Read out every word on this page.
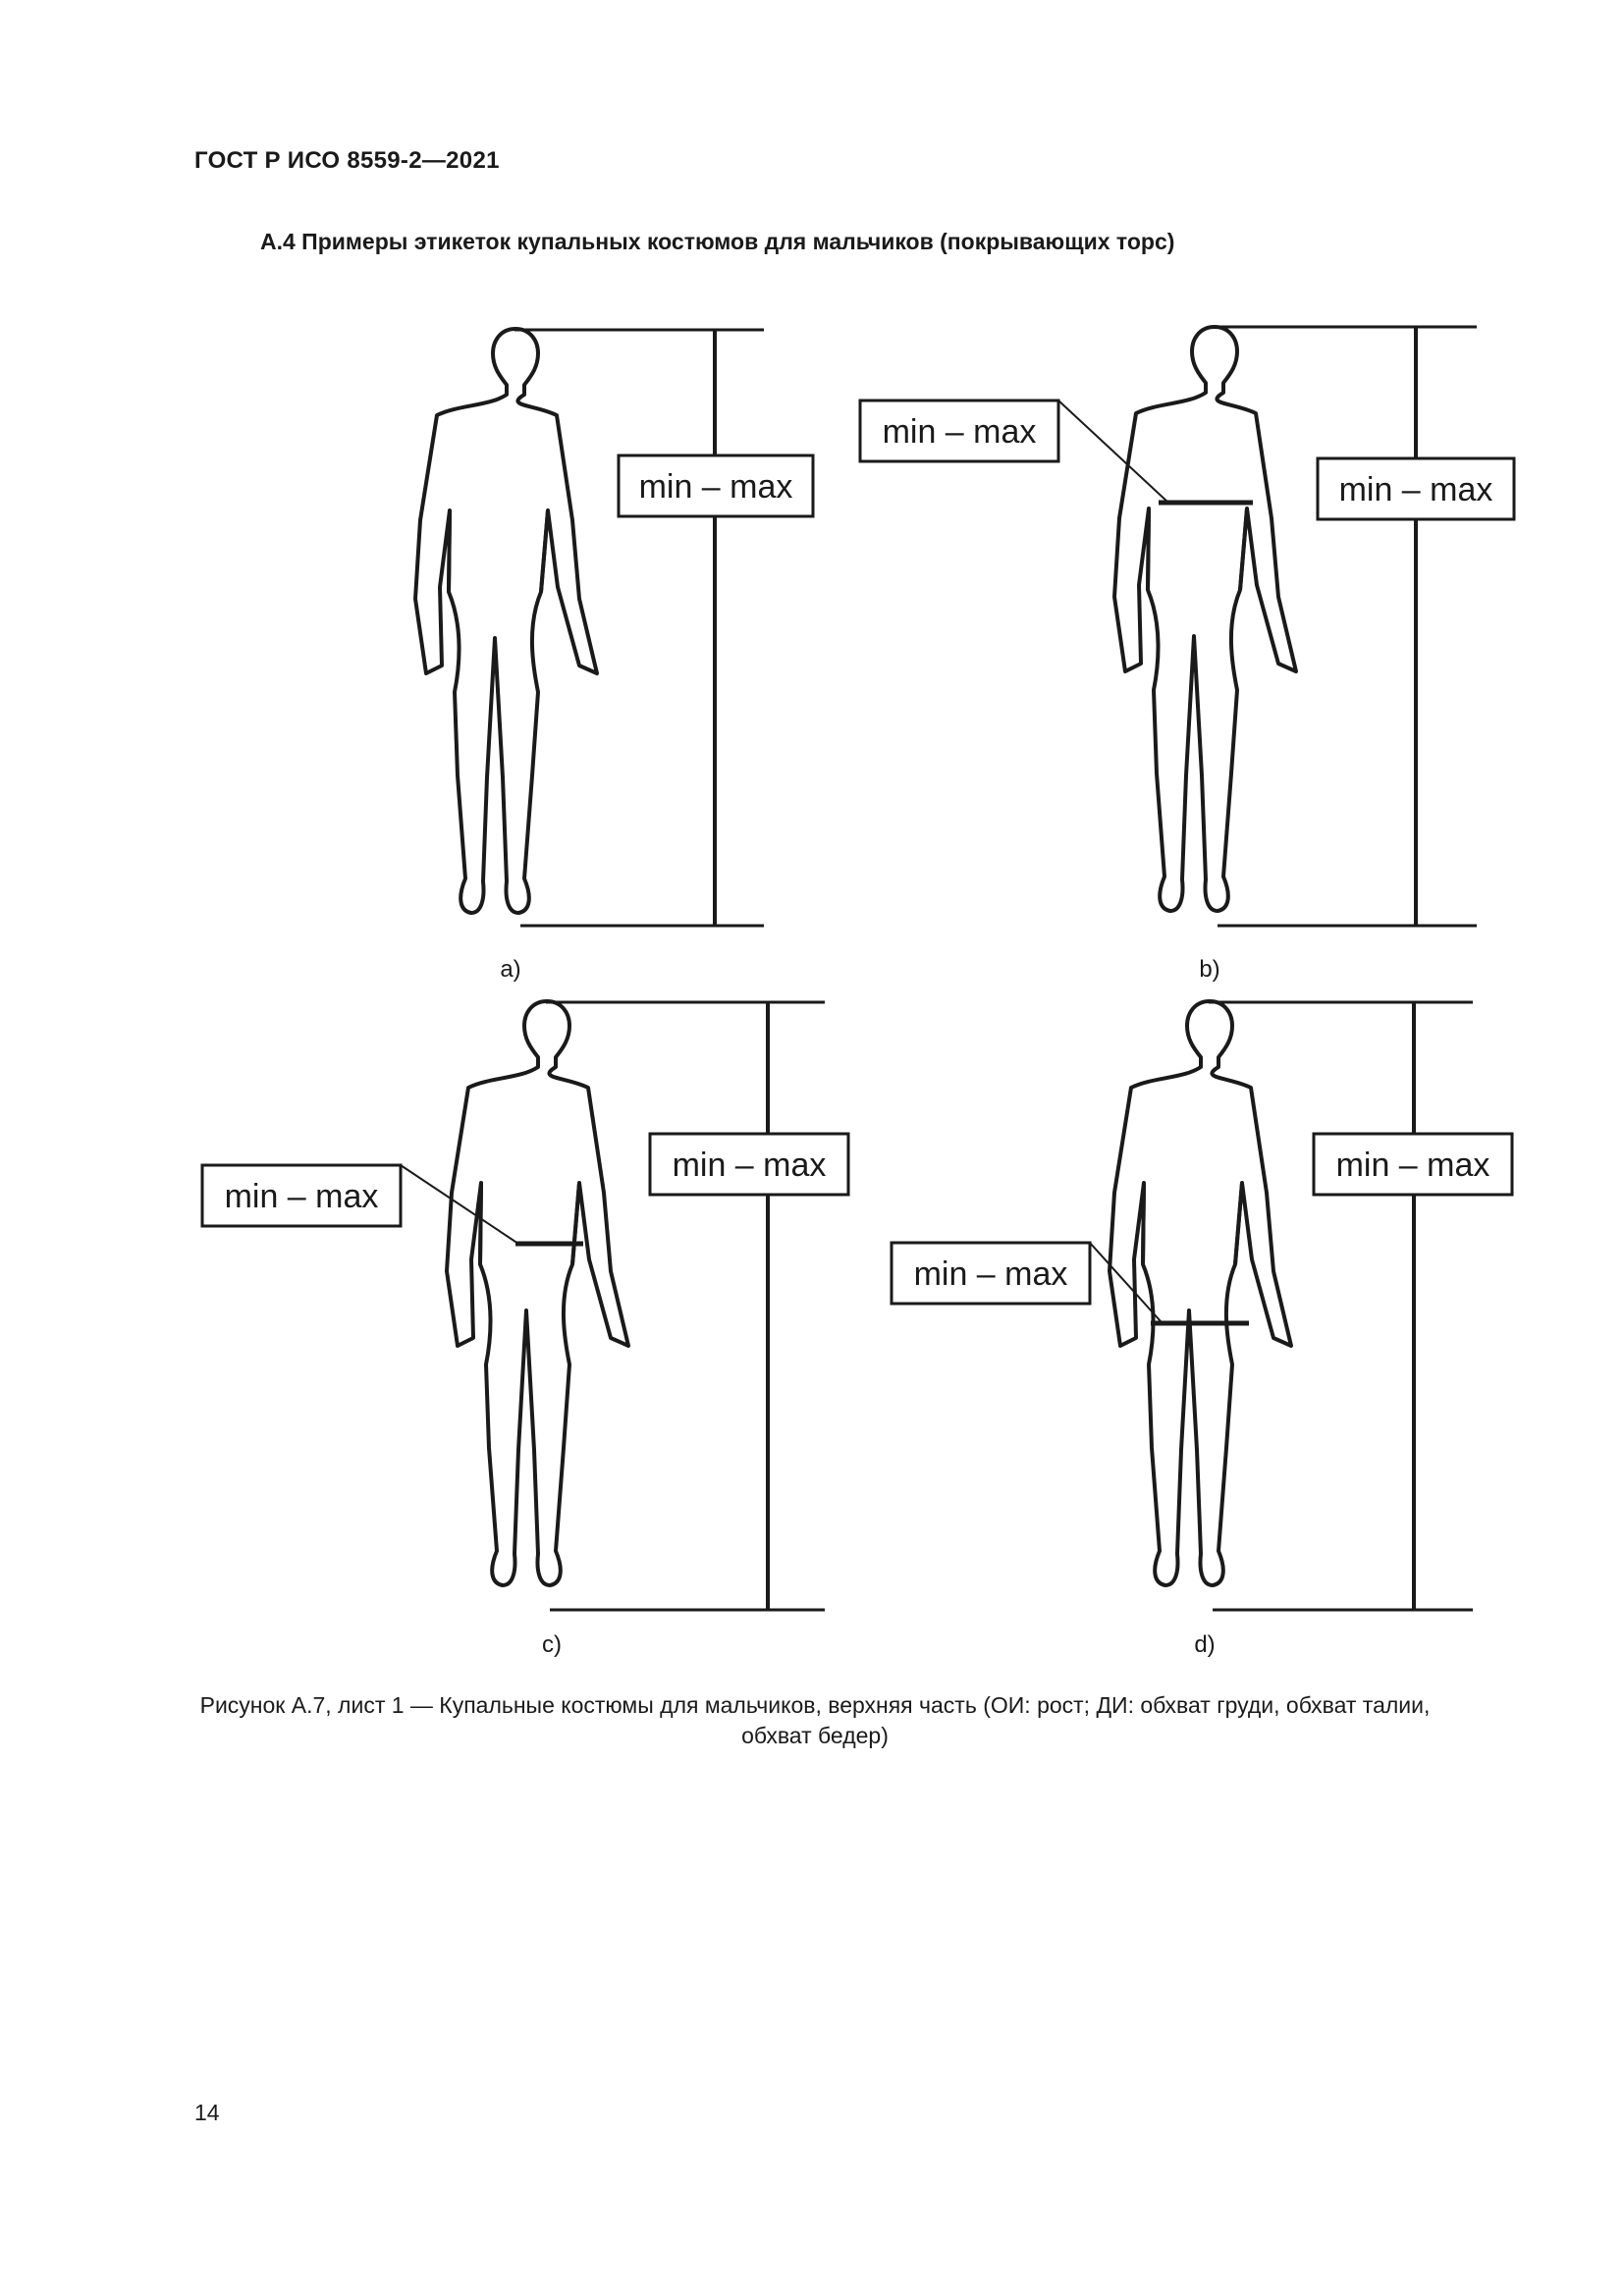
ГОСТ Р ИСО 8559-2—2021
А.4 Примеры этикеток купальных костюмов для мальчиков (покрывающих торс)
min – max
a)
min – max
min – max
b)
min – max
min – max
c)
min – max
min – max
d)
Рисунок А.7, лист 1 — Купальные костюмы для мальчиков, верхняя часть (ОИ: рост; ДИ: обхват груди, обхват талии, обхват бедер)
14
